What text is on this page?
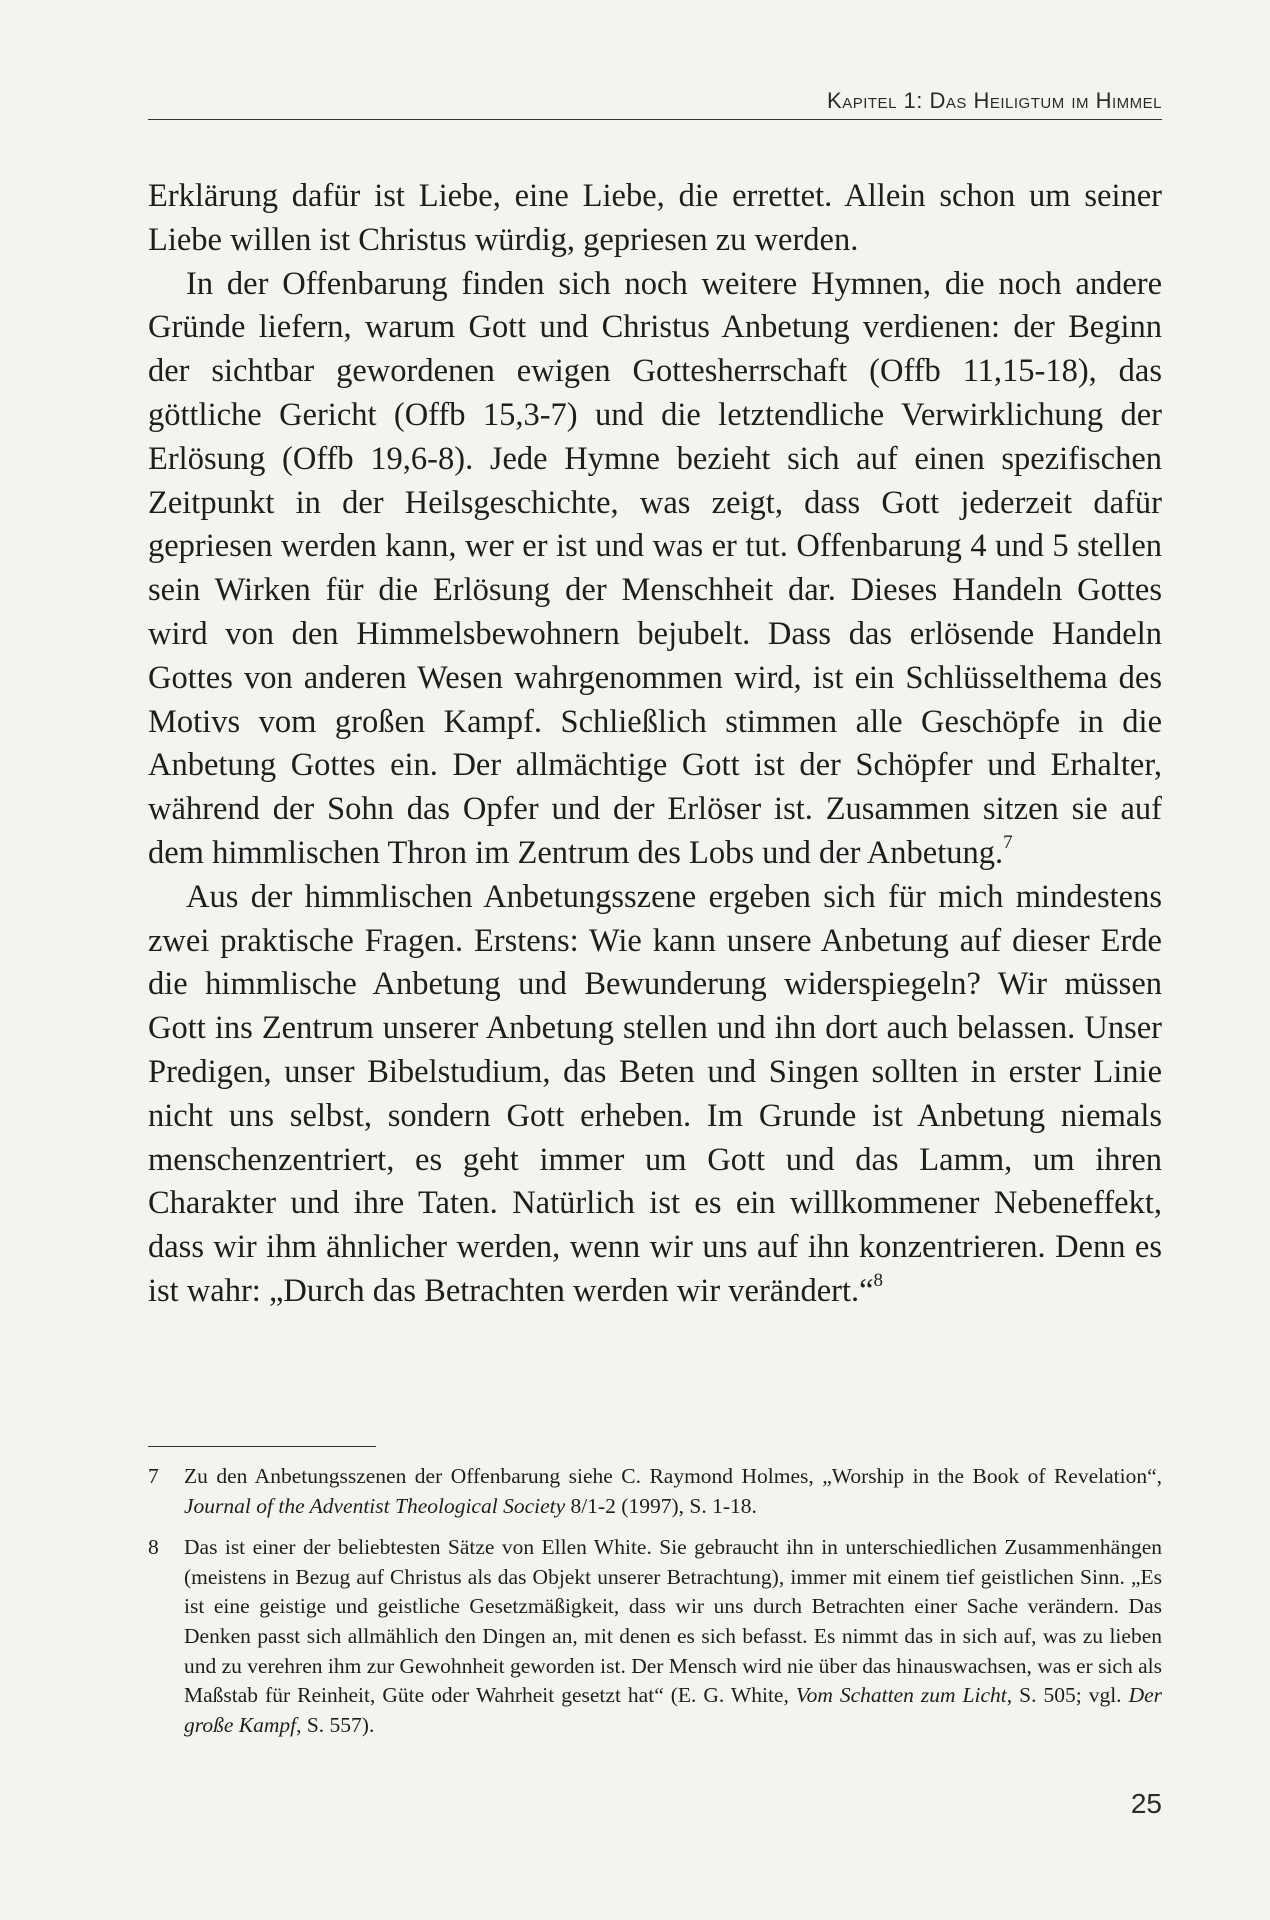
Kapitel 1: Das Heiligtum im Himmel

Erklärung dafür ist Liebe, eine Liebe, die errettet. Allein schon um seiner Liebe willen ist Christus würdig, gepriesen zu werden.

In der Offenbarung finden sich noch weitere Hymnen, die noch andere Gründe liefern, warum Gott und Christus Anbetung verdienen: der Beginn der sichtbar gewordenen ewigen Gottesherrschaft (Offb 11,15-18), das göttliche Gericht (Offb 15,3-7) und die letztendliche Verwirklichung der Erlösung (Offb 19,6-8). Jede Hymne bezieht sich auf einen spezifischen Zeitpunkt in der Heilsgeschichte, was zeigt, dass Gott jederzeit dafür gepriesen werden kann, wer er ist und was er tut. Offenbarung 4 und 5 stellen sein Wirken für die Erlösung der Menschheit dar. Dieses Handeln Gottes wird von den Himmelsbewohnern bejubelt. Dass das erlösende Handeln Gottes von anderen Wesen wahrgenommen wird, ist ein Schlüsselthema des Motivs vom großen Kampf. Schließlich stimmen alle Geschöpfe in die Anbetung Gottes ein. Der allmächtige Gott ist der Schöpfer und Erhalter, während der Sohn das Opfer und der Erlöser ist. Zusammen sitzen sie auf dem himmlischen Thron im Zentrum des Lobs und der Anbetung.$^7$

Aus der himmlischen Anbetungsszene ergeben sich für mich mindestens zwei praktische Fragen. Erstens: Wie kann unsere Anbetung auf dieser Erde die himmlische Anbetung und Bewunderung widerspiegeln? Wir müssen Gott ins Zentrum unserer Anbetung stellen und ihn dort auch belassen. Unser Predigen, unser Bibelstudium, das Beten und Singen sollten in erster Linie nicht uns selbst, sondern Gott erheben. Im Grunde ist Anbetung niemals menschenzentriert, es geht immer um Gott und das Lamm, um ihren Charakter und ihre Taten. Natürlich ist es ein willkommener Nebeneffekt, dass wir ihm ähnlicher werden, wenn wir uns auf ihn konzentrieren. Denn es ist wahr: „Durch das Betrachten werden wir verändert.“$^8$

7	Zu den Anbetungsszenen der Offenbarung siehe C. Raymond Holmes, „Worship in the Book of Revelation“, Journal of the Adventist Theological Society 8/1-2 (1997), S. 1-18.
8	Das ist einer der beliebtesten Sätze von Ellen White. Sie gebraucht ihn in unterschiedlichen Zusammenhängen (meistens in Bezug auf Christus als das Objekt unserer Betrachtung), immer mit einem tief geistlichen Sinn. „Es ist eine geistige und geistliche Gesetzmäßigkeit, dass wir uns durch Betrachten einer Sache verändern. Das Denken passt sich allmählich den Dingen an, mit denen es sich befasst. Es nimmt das in sich auf, was zu lieben und zu verehren ihm zur Gewohnheit geworden ist. Der Mensch wird nie über das hinauswachsen, was er sich als Maßstab für Reinheit, Güte oder Wahrheit gesetzt hat“ (E. G. White, Vom Schatten zum Licht, S. 505; vgl. Der große Kampf, S. 557).
25
